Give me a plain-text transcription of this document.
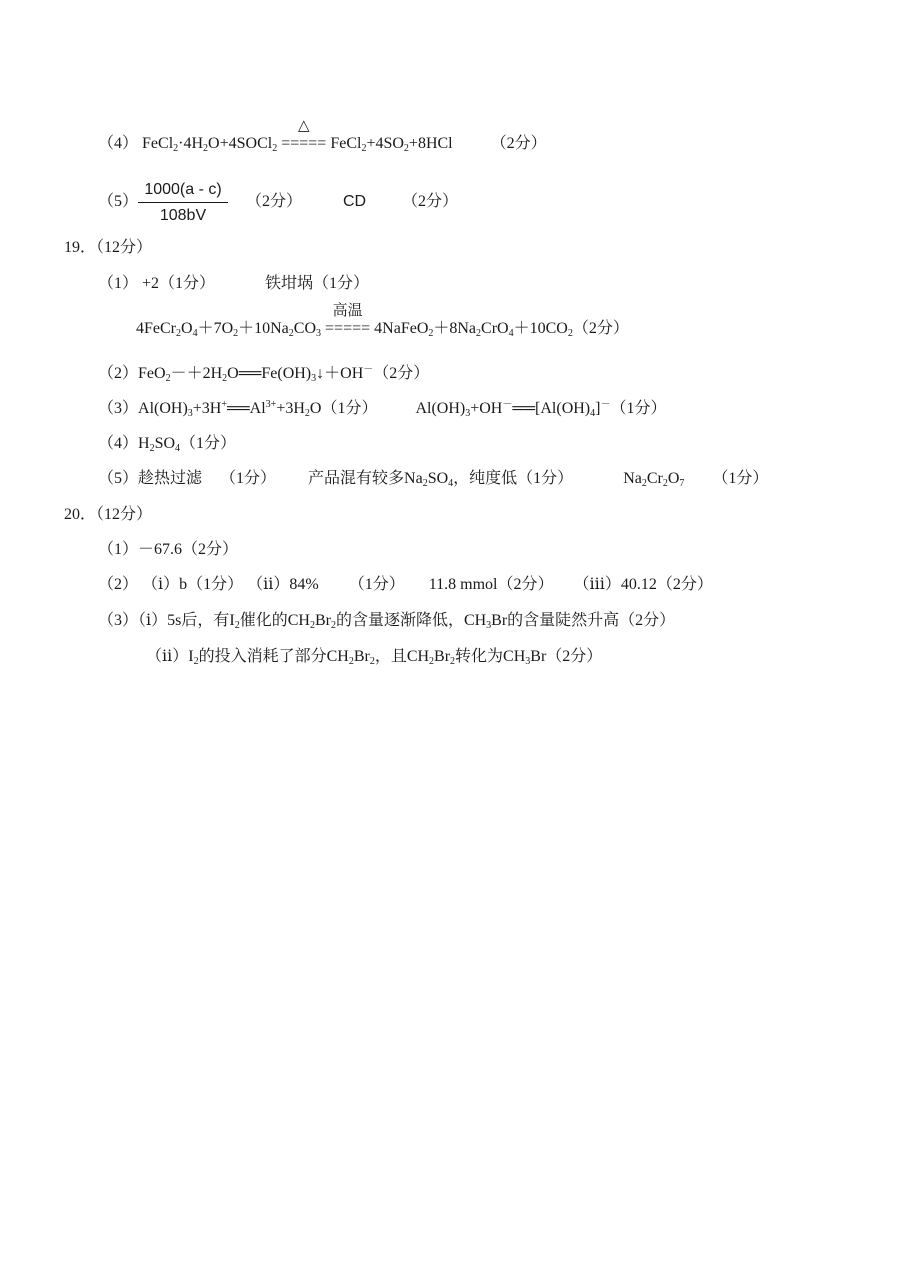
（4） $FeCl_2\cdot 4H_2O+4SOCl_2$
△
===== $FeCl_2+4SO_2+8HCl$ （2分）
（5）
1000(a - c)
108bV
（2分）	CD （2分）
19．（12分）
（1） +2（1分）	铁坩埚（1分）
$4FeCr_2O_4+7O_2+10Na_2CO_3$
高温
===== $4NaFeO_2+8Na_2CrO_4+10CO_2(2$分）
$(2)FeO_2-+2H_2O══Fe(OH)_3↓+OH^-(2$分）
$(3)Al(OH)_3+3H^+══Al^{3+}+3H_2O(1$分） $Al(OH)_3+OH^-══[Al(OH)_4]^-(1$分）
$(4)H_2SO_4(1$分）
（5）趁热过滤 （1分） 产品混有较多$Na_2SO_4$，纯度低（1分）	$Na_2Cr_2O_7$ （1分）
20．（12分）
（1）－67.6（2分）
（2） （ⅰ）b（1分） （ⅱ）84% （1分） 11.8 mmol（2分） （ⅲ）40.12（2分）
（3）（ⅰ）5s后，有$I_2$催化的$CH_2Br_2$的含量逐渐降低，$CH_3Br$的含量陡然升高（2分）
$(ⅱ)I_2$的投入消耗了部分$CH_2Br_2$，且$CH_2Br_2$转化为$CH_3Br(2$分）
